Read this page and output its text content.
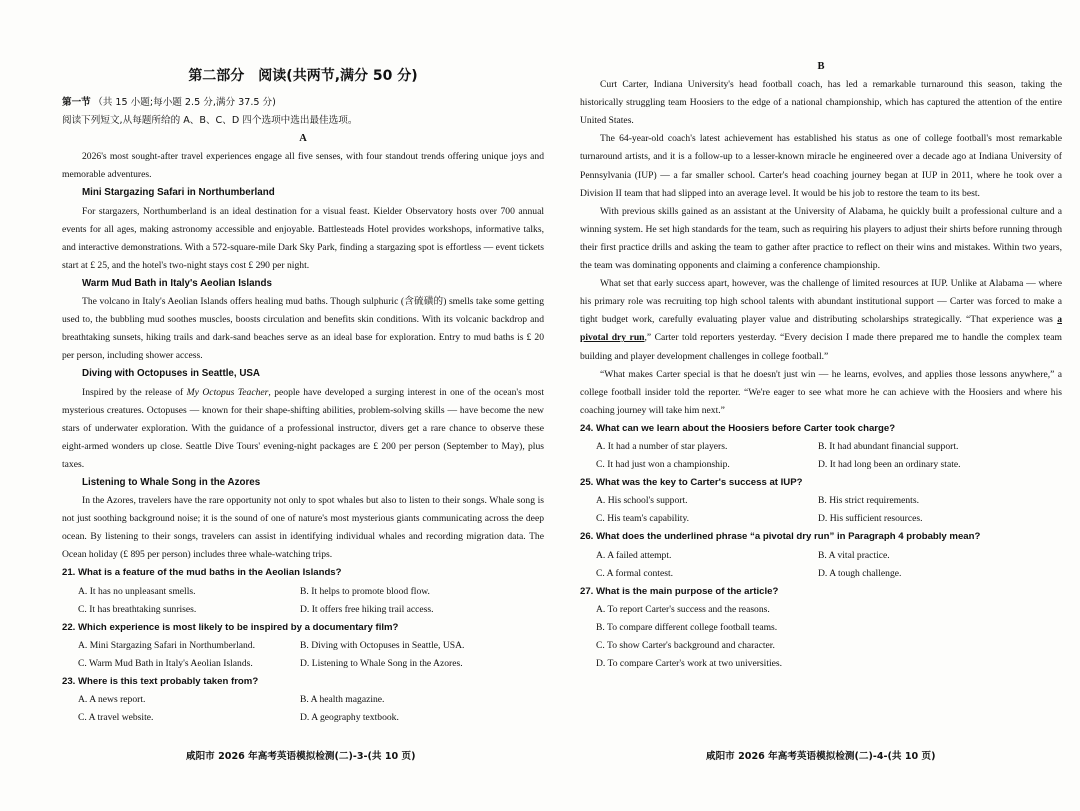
第二部分　阅读(共两节,满分 50 分)

第一节 （共 15 小题;每小题 2.5 分,满分 37.5 分)

阅读下列短文,从每题所给的 A、B、C、D 四个选项中选出最佳选项。

A

2026's most sought-after travel experiences engage all five senses, with four standout trends offering unique joys and memorable adventures.

Mini Stargazing Safari in Northumberland

For stargazers, Northumberland is an ideal destination for a visual feast. Kielder Observatory hosts over 700 annual events for all ages, making astronomy accessible and enjoyable. Battlesteads Hotel provides workshops, informative talks, and interactive demonstrations. With a 572-square-mile Dark Sky Park, finding a stargazing spot is effortless — event tickets start at £ 25, and the hotel's two-night stays cost £ 290 per night.

Warm Mud Bath in Italy's Aeolian Islands

The volcano in Italy's Aeolian Islands offers healing mud baths. Though sulphuric (含硫磺的) smells take some getting used to, the bubbling mud soothes muscles, boosts circulation and benefits skin conditions. With its volcanic backdrop and breathtaking sunsets, hiking trails and dark-sand beaches serve as an ideal base for exploration. Entry to mud baths is £ 20 per person, including shower access.

Diving with Octopuses in Seattle, USA

Inspired by the release of My Octopus Teacher, people have developed a surging interest in one of the ocean's most mysterious creatures. Octopuses — known for their shape-shifting abilities, problem-solving skills — have become the new stars of underwater exploration. With the guidance of a professional instructor, divers get a rare chance to observe these eight-armed wonders up close. Seattle Dive Tours' evening-night packages are £ 200 per person (September to May), plus taxes.

Listening to Whale Song in the Azores

In the Azores, travelers have the rare opportunity not only to spot whales but also to listen to their songs. Whale song is not just soothing background noise; it is the sound of one of nature's most mysterious giants communicating across the deep ocean. By listening to their songs, travelers can assist in identifying individual whales and recording migration data. The Ocean holiday (£ 895 per person) includes three whale-watching trips.

21. What is a feature of the mud baths in the Aeolian Islands?

A. It has no unpleasant smells.	B. It helps to promote blood flow.
C. It has breathtaking sunrises.	D. It offers free hiking trail access.

22. Which experience is most likely to be inspired by a documentary film?

A. Mini Stargazing Safari in Northumberland.	B. Diving with Octopuses in Seattle, USA.
C. Warm Mud Bath in Italy's Aeolian Islands.	D. Listening to Whale Song in the Azores.

23. Where is this text probably taken from?

A. A news report.	B. A health magazine.
C. A travel website.	D. A geography textbook.

B

Curt Carter, Indiana University's head football coach, has led a remarkable turnaround this season, taking the historically struggling team Hoosiers to the edge of a national championship, which has captured the attention of the entire United States.

The 64-year-old coach's latest achievement has established his status as one of college football's most remarkable turnaround artists, and it is a follow-up to a lesser-known miracle he engineered over a decade ago at Indiana University of Pennsylvania (IUP) — a far smaller school. Carter's head coaching journey began at IUP in 2011, where he took over a Division II team that had slipped into an average level. It would be his job to restore the team to its best.

With previous skills gained as an assistant at the University of Alabama, he quickly built a professional culture and a winning system. He set high standards for the team, such as requiring his players to adjust their shirts before running through their first practice drills and asking the team to gather after practice to reflect on their wins and mistakes. Within two years, the team was dominating opponents and claiming a conference championship.

What set that early success apart, however, was the challenge of limited resources at IUP. Unlike at Alabama — where his primary role was recruiting top high school talents with abundant institutional support — Carter was forced to make a tight budget work, carefully evaluating player value and distributing scholarships strategically. “That experience was a pivotal dry run,” Carter told reporters yesterday. “Every decision I made there prepared me to handle the complex team building and player development challenges in college football.”

“What makes Carter special is that he doesn't just win — he learns, evolves, and applies those lessons anywhere,” a college football insider told the reporter. “We're eager to see what more he can achieve with the Hoosiers and where his coaching journey will take him next.”

24. What can we learn about the Hoosiers before Carter took charge?

A. It had a number of star players.	B. It had abundant financial support.
C. It had just won a championship.	D. It had long been an ordinary state.

25. What was the key to Carter's success at IUP?

A. His school's support.	B. His strict requirements.
C. His team's capability.	D. His sufficient resources.

26. What does the underlined phrase “a pivotal dry run” in Paragraph 4 probably mean?

A. A failed attempt.	B. A vital practice.
C. A formal contest.	D. A tough challenge.

27. What is the main purpose of the article?

A. To report Carter's success and the reasons.

B. To compare different college football teams.

C. To show Carter's background and character.

D. To compare Carter's work at two universities.

咸阳市 2026 年高考英语模拟检测(二)-3-(共 10 页)	咸阳市 2026 年高考英语模拟检测(二)-4-(共 10 页)
